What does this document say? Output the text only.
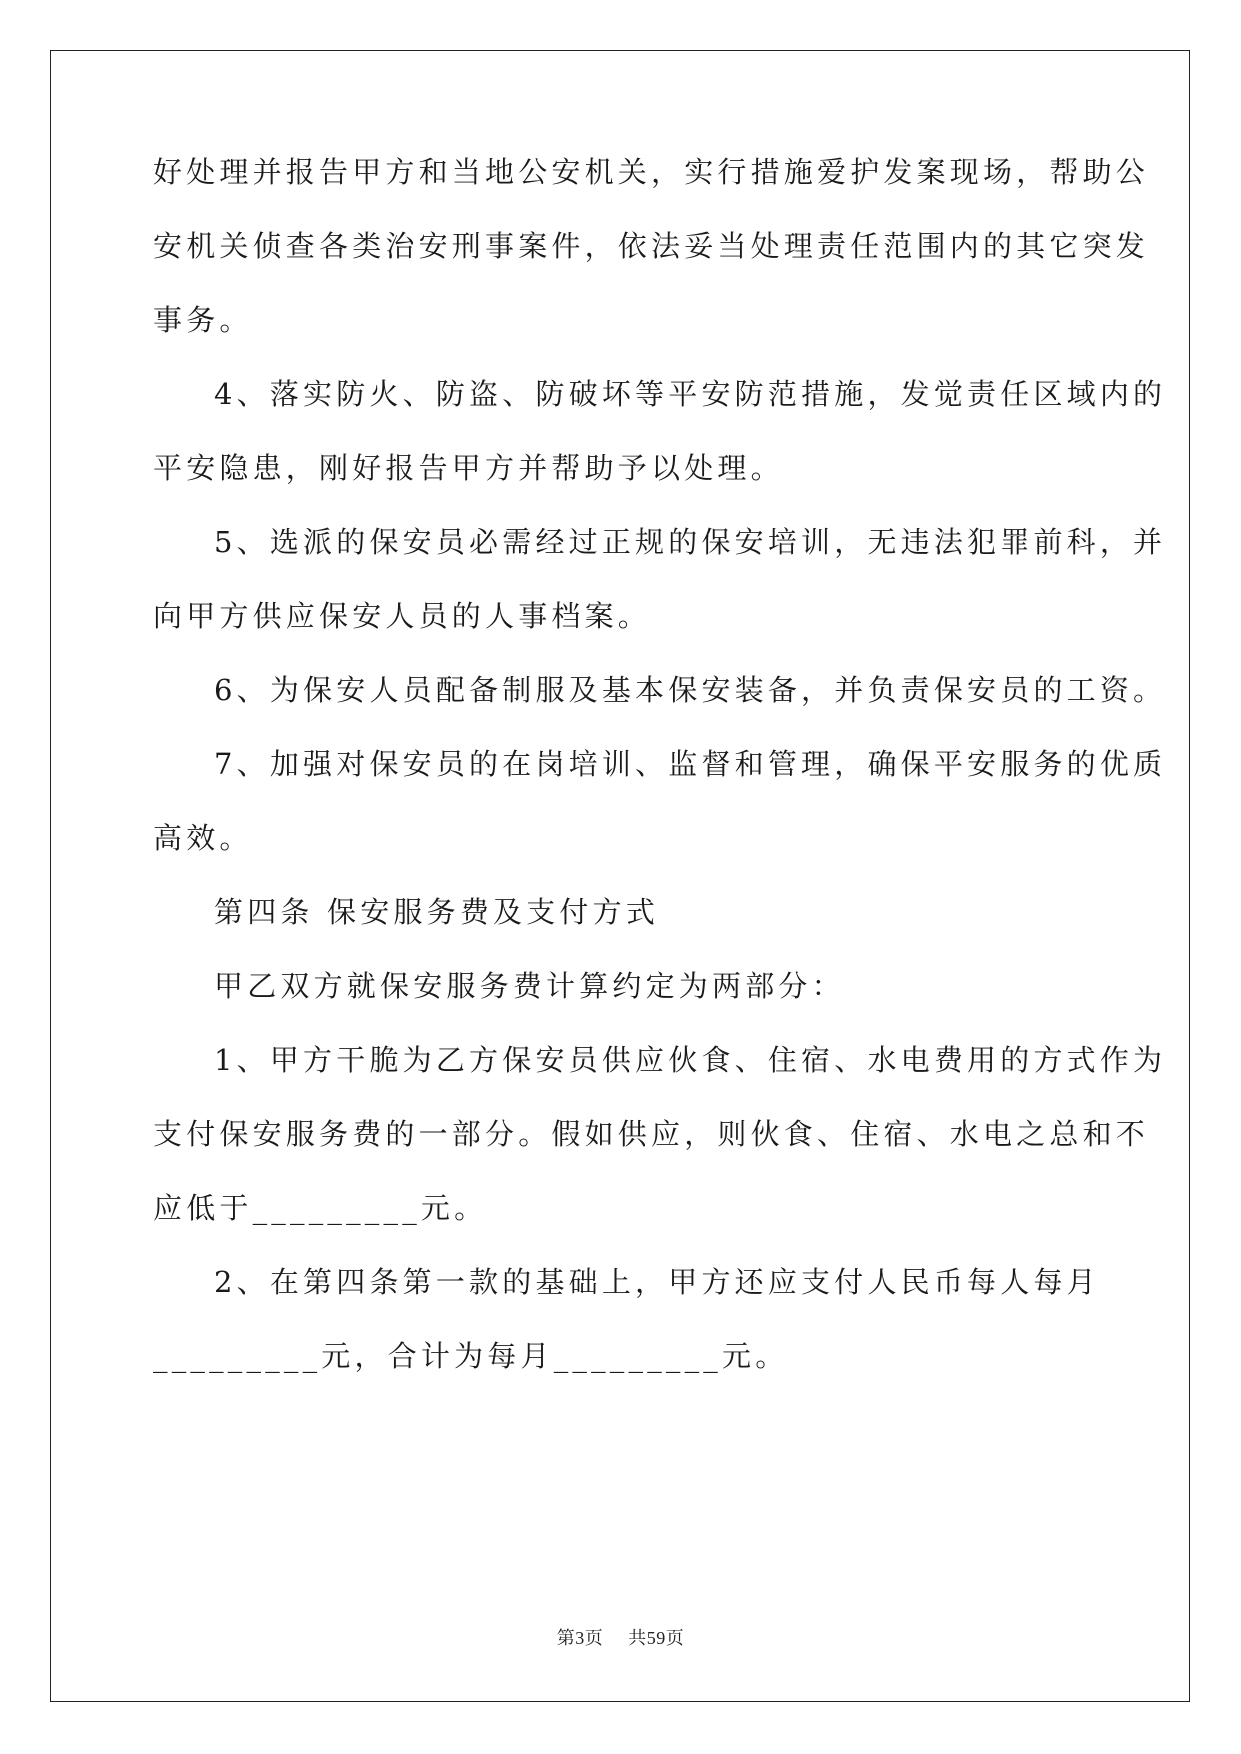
好处理并报告甲方和当地公安机关，实行措施爱护发案现场，帮助公
安机关侦查各类治安刑事案件，依法妥当处理责任范围内的其它突发
事务。
4、落实防火、防盗、防破坏等平安防范措施，发觉责任区域内的
平安隐患，刚好报告甲方并帮助予以处理。
5、选派的保安员必需经过正规的保安培训，无违法犯罪前科，并
向甲方供应保安人员的人事档案。
6、为保安人员配备制服及基本保安装备，并负责保安员的工资。
7、加强对保安员的在岗培训、监督和管理，确保平安服务的优质
高效。
第四条 保安服务费及支付方式
甲乙双方就保安服务费计算约定为两部分：
1、甲方干脆为乙方保安员供应伙食、住宿、水电费用的方式作为
支付保安服务费的一部分。假如供应，则伙食、住宿、水电之总和不
应低于_________元。
2、在第四条第一款的基础上，甲方还应支付人民币每人每月
_________元，合计为每月_________元。
第3页    共59页
